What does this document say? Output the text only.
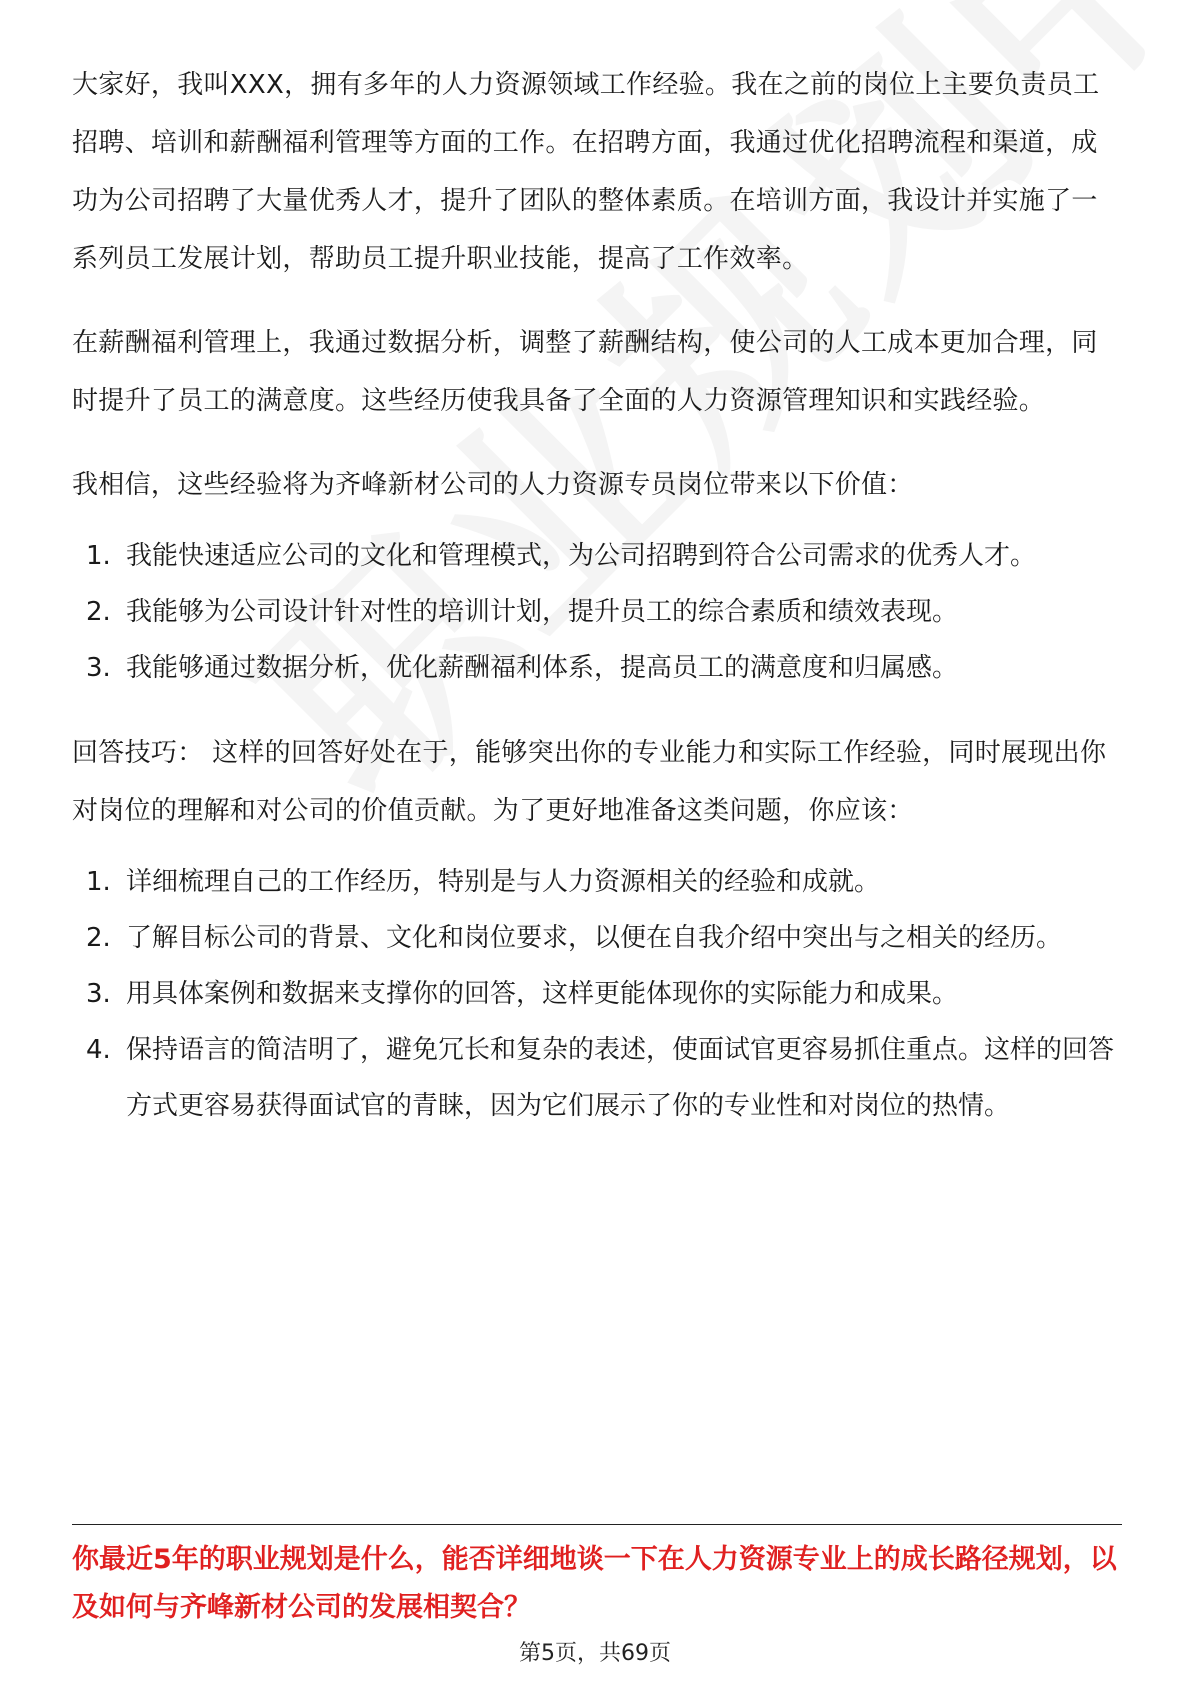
大家好，我叫XXX，拥有多年的人力资源领域工作经验。我在之前的岗位上主要负责员工招聘、培训和薪酬福利管理等方面的工作。在招聘方面，我通过优化招聘流程和渠道，成功为公司招聘了大量优秀人才，提升了团队的整体素质。在培训方面，我设计并实施了一系列员工发展计划，帮助员工提升职业技能，提高了工作效率。

在薪酬福利管理上，我通过数据分析，调整了薪酬结构，使公司的人工成本更加合理，同时提升了员工的满意度。这些经历使我具备了全面的人力资源管理知识和实践经验。

我相信，这些经验将为齐峰新材公司的人力资源专员岗位带来以下价值：

1. 我能快速适应公司的文化和管理模式，为公司招聘到符合公司需求的优秀人才。
2. 我能够为公司设计针对性的培训计划，提升员工的综合素质和绩效表现。
3. 我能够通过数据分析，优化薪酬福利体系，提高员工的满意度和归属感。

回答技巧： 这样的回答好处在于，能够突出你的专业能力和实际工作经验，同时展现出你对岗位的理解和对公司的价值贡献。为了更好地准备这类问题，你应该：

1. 详细梳理自己的工作经历，特别是与人力资源相关的经验和成就。
2. 了解目标公司的背景、文化和岗位要求，以便在自我介绍中突出与之相关的经历。
3. 用具体案例和数据来支撑你的回答，这样更能体现你的实际能力和成果。
4. 保持语言的简洁明了，避免冗长和复杂的表述，使面试官更容易抓住重点。这样的回答方式更容易获得面试官的青睐，因为它们展示了你的专业性和对岗位的热情。
你最近5年的职业规划是什么，能否详细地谈一下在人力资源专业上的成长路径规划，以及如何与齐峰新材公司的发展相契合？
第5页，共69页
